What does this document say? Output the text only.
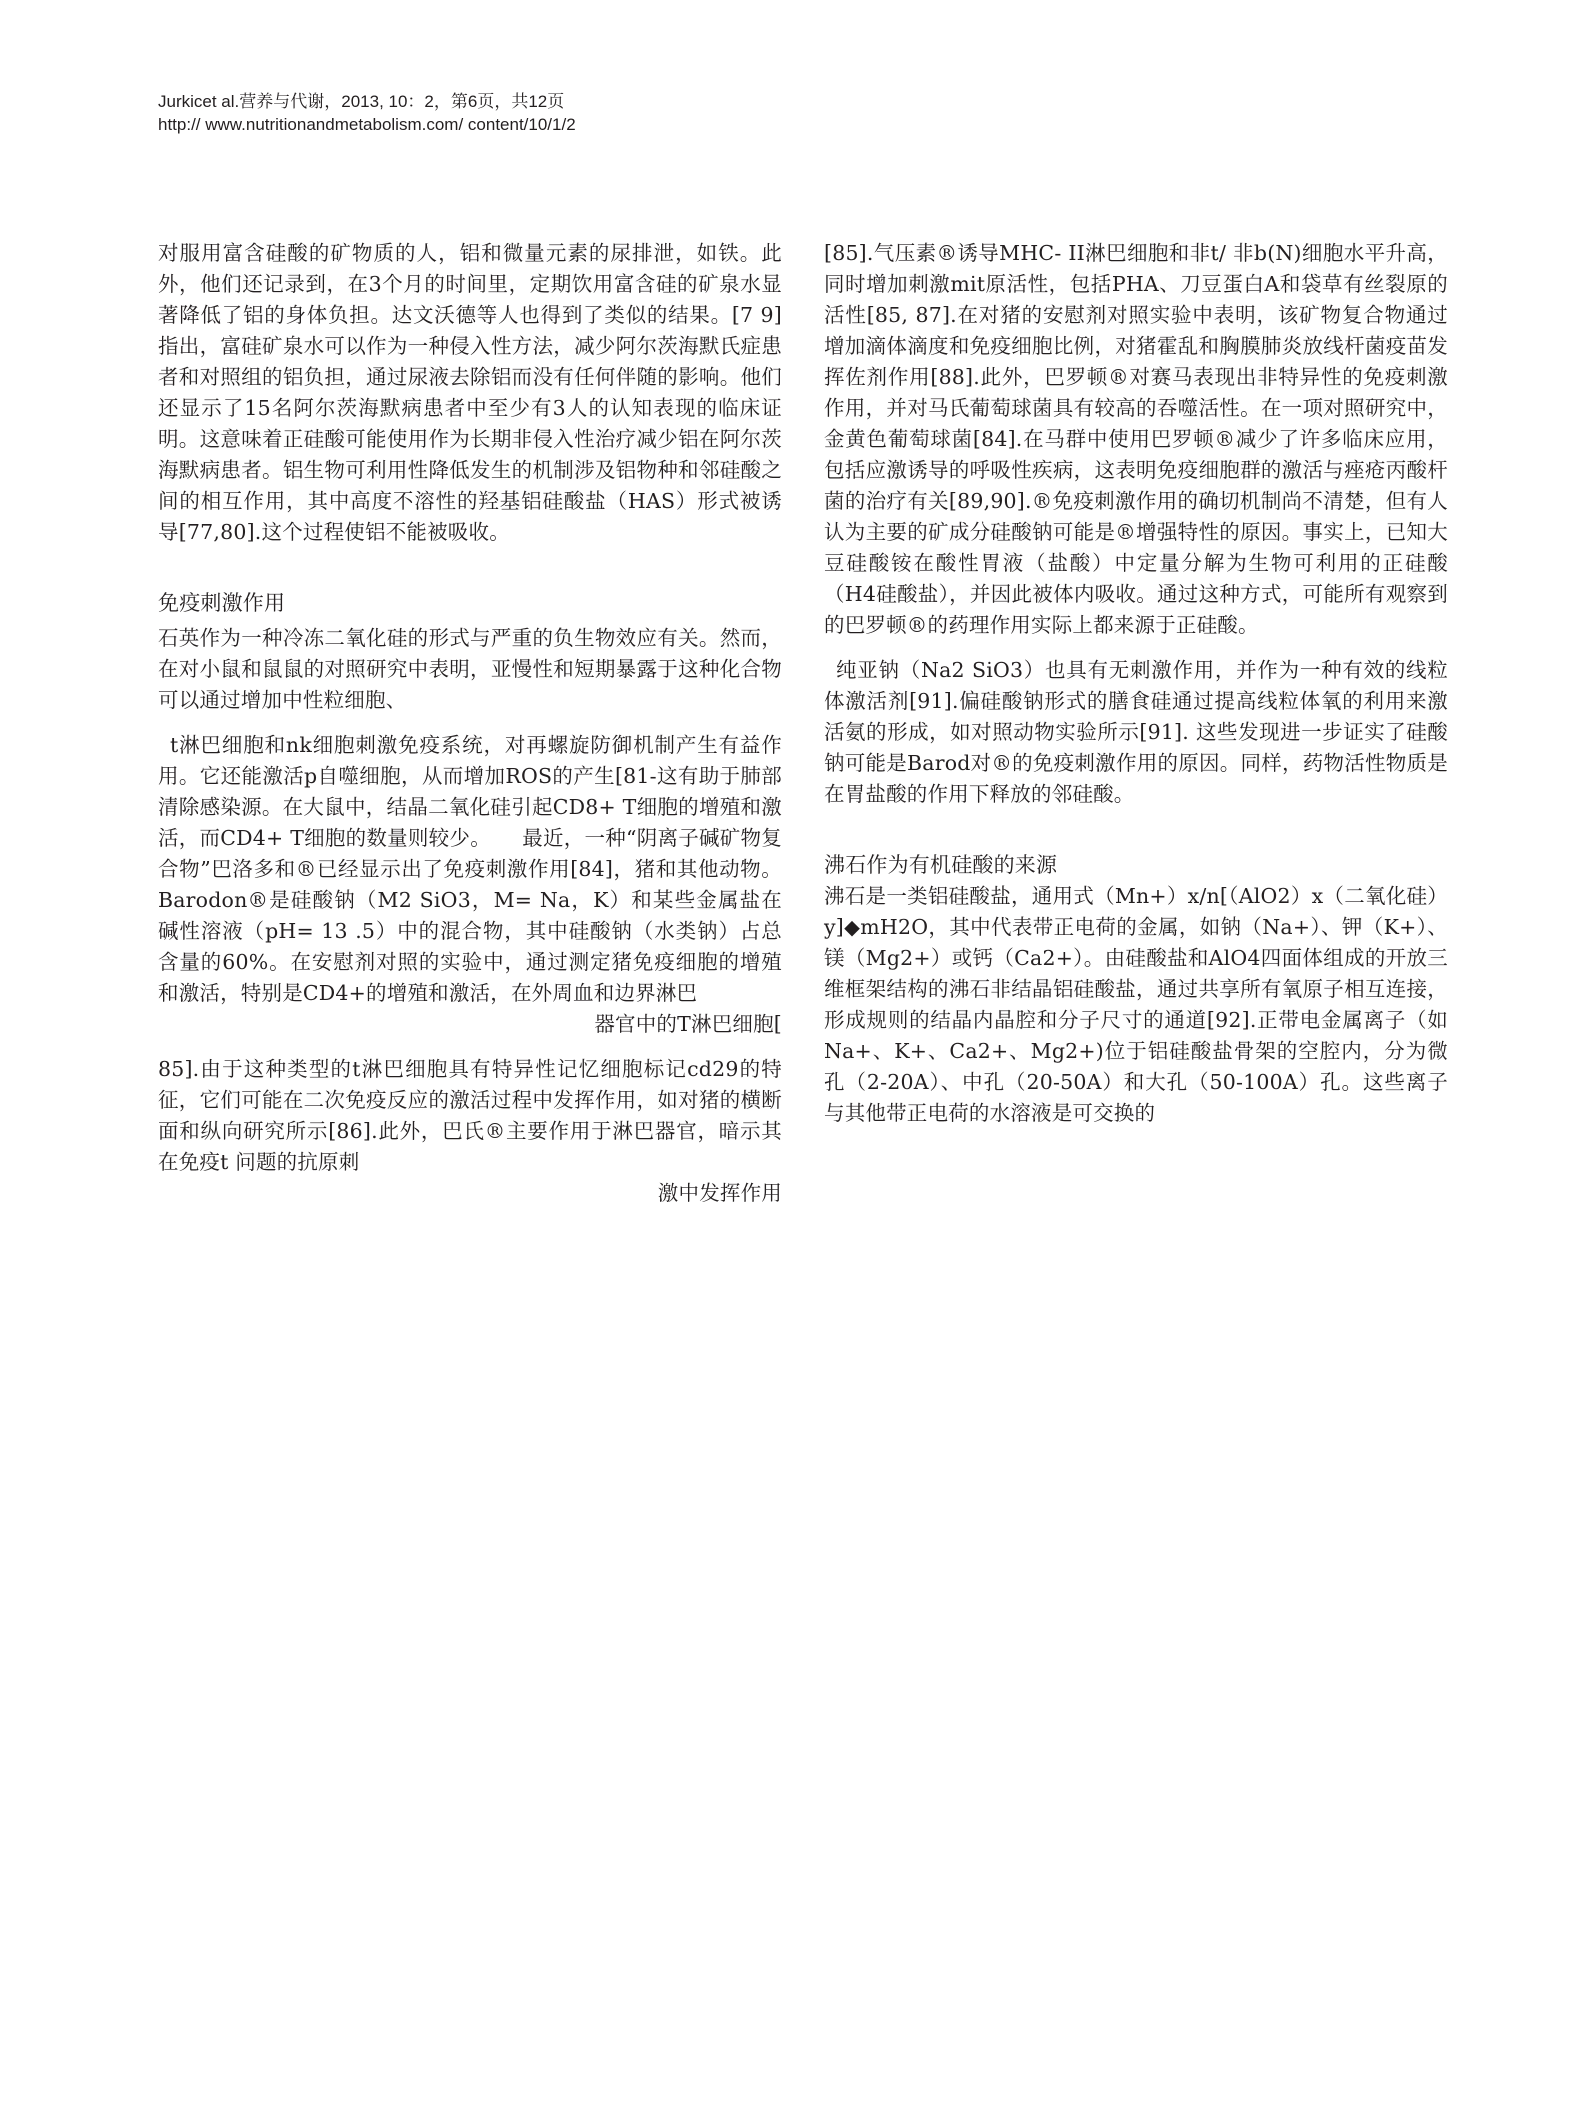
Jurkicet al.营养与代谢，2013, 10：2，第6页，共12页
http:// www.nutritionandmetabolism.com/ content/10/1/2

对服用富含硅酸的矿物质的人，铝和微量元素的尿排泄，如铁。此外，他们还记录到，在3个月的时间里，定期饮用富含硅的矿泉水显著降低了铝的身体负担。达文沃德等人也得到了类似的结果。[7 9] 指出，富硅矿泉水可以作为一种侵入性方法，减少阿尔茨海默氏症患者和对照组的铝负担，通过尿液去除铝而没有任何伴随的影响。他们还显示了15名阿尔茨海默病患者中至少有3人的认知表现的临床证明。这意味着正硅酸可能使用作为长期非侵入性治疗减少铝在阿尔茨海默病患者。铝生物可利用性降低发生的机制涉及铝物种和邻硅酸之间的相互作用，其中高度不溶性的羟基铝硅酸盐（HAS）形式被诱导[77,80].这个过程使铝不能被吸收。

免疫刺激作用

石英作为一种冷冻二氧化硅的形式与严重的负生物效应有关。然而，在对小鼠和鼠鼠的对照研究中表明，亚慢性和短期暴露于这种化合物可以通过增加中性粒细胞、

t淋巴细胞和nk细胞刺激免疫系统，对再螺旋防御机制产生有益作用。它还能激活p自噬细胞，从而增加ROS的产生[81-这有助于肺部清除感染源。在大鼠中，结晶二氧化硅引起CD8+ T细胞的增殖和激活，而CD4+ T细胞的数量则较少。　　最近，一种“阴离子碱矿物复合物”巴洛多和®已经显示出了免疫刺激作用[84]，猪和其他动物。Barodon®是硅酸钠（M2 SiO3，M= Na，K）和某些金属盐在碱性溶液（pH= 13 .5）中的混合物，其中硅酸钠（水类钠）占总含量的60%。在安慰剂对照的实验中，通过测定猪免疫细胞的增殖和激活，特别是CD4+的增殖和激活，在外周血和边界淋巴

器官中的T淋巴细胞[

85].由于这种类型的t淋巴细胞具有特异性记忆细胞标记cd29的特征，它们可能在二次免疫反应的激活过程中发挥作用，如对猪的横断面和纵向研究所示[86].此外，巴氏®主要作用于淋巴器官，暗示其在免疫t 问题的抗原刺

激中发挥作用

[85].气压素®诱导MHC- II淋巴细胞和非t/ 非b(N)细胞水平升高，同时增加刺激mit原活性，包括PHA、刀豆蛋白A和袋草有丝裂原的活性[85, 87].在对猪的安慰剂对照实验中表明，该矿物复合物通过增加滴体滴度和免疫细胞比例，对猪霍乱和胸膜肺炎放线杆菌疫苗发挥佐剂作用[88].此外，巴罗顿®对赛马表现出非特异性的免疫刺激作用，并对马氏葡萄球菌具有较高的吞噬活性。在一项对照研究中，金黄色葡萄球菌[84].在马群中使用巴罗顿®减少了许多临床应用，包括应激诱导的呼吸性疾病，这表明免疫细胞群的激活与痤疮丙酸杆菌的治疗有关[89,90].®免疫刺激作用的确切机制尚不清楚，但有人认为主要的矿成分硅酸钠可能是®增强特性的原因。事实上，已知大豆硅酸铵在酸性胃液（盐酸）中定量分解为生物可利用的正硅酸（H4硅酸盐），并因此被体内吸收。通过这种方式，可能所有观察到的巴罗顿®的药理作用实际上都来源于正硅酸。

纯亚钠（Na2 SiO3）也具有无刺激作用，并作为一种有效的线粒体激活剂[91].偏硅酸钠形式的膳食硅通过提高线粒体氧的利用来激活氨的形成，如对照动物实验所示[91]. 这些发现进一步证实了硅酸钠可能是Barod对®的免疫刺激作用的原因。同样，药物活性物质是在胃盐酸的作用下释放的邻硅酸。

沸石作为有机硅酸的来源

沸石是一类铝硅酸盐，通用式（Mn+）x/n[（AlO2）x（二氧化硅）y]◆mH2O，其中代表带正电荷的金属，如钠（Na+）、钾（K+）、镁（Mg2+）或钙（Ca2+）。由硅酸盐和AlO4四面体组成的开放三维框架结构的沸石非结晶铝硅酸盐，通过共享所有氧原子相互连接，形成规则的结晶内晶腔和分子尺寸的通道[92].正带电金属离子（如Na+、K+、Ca2+、Mg2+)位于铝硅酸盐骨架的空腔内，分为微孔（2-20A）、中孔（20-50A）和大孔（50-100A）孔。这些离子与其他带正电荷的水溶液是可交换的
